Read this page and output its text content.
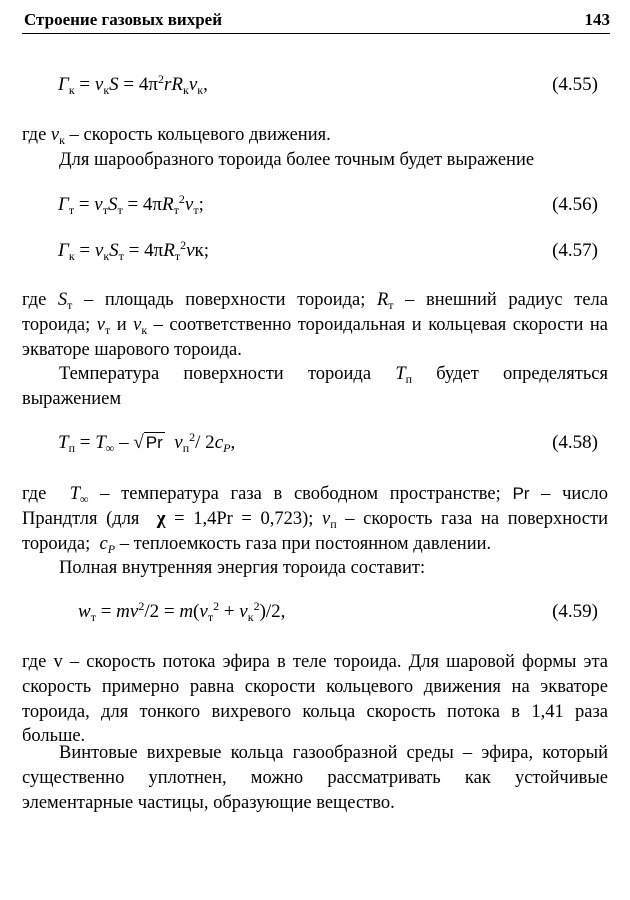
Строение газовых вихрей	143
$Г_к = v_кS = 4\pi^2rR_кv_к$,	(4.55)

где $v_к$ – скорость кольцевого движения.

Для шарообразного тороида более точным будет выражение

$Г_т = v_тS_т = 4\pi R_т^2v_т$;	(4.56)
$Г_к = v_кS_т = 4\pi R_т^2vк$;	(4.57)

где $S_т$ – площадь поверхности тороида; $R_т$ – внешний радиус тела тороида; $v_т$ и $v_к$ – соответственно тороидальная и кольцевая скорости на экваторе шарового тороида.

Температура поверхности тороида $T_п$ будет определяться выражением

$T_п = T_\infty$ – √ Pr $v_п^2/$ $2c_P$,	(4.58)

где $T_\infty$ – температура газа в свободном пространстве; Pr – число Прандтля (для  χ = 1,4Pr = 0,723); $v_п$ – скорость газа на поверхности тороида;  $c_P$ – теплоемкость газа при постоянном давлении.

Полная внутренняя энергия тороида составит:

$w_т = mv^2/2 = m(v_т^2 + v_к^2)/2$,	(4.59)

где v – скорость потока эфира в теле тороида. Для шаровой формы эта скорость примерно равна скорости кольцевого движения на экваторе тороида, для тонкого вихревого кольца скорость потока в 1,41 раза больше.

Винтовые вихревые кольца газообразной среды – эфира, который существенно уплотнен, можно рассматривать как устойчивые элементарные частицы, образующие вещество.
